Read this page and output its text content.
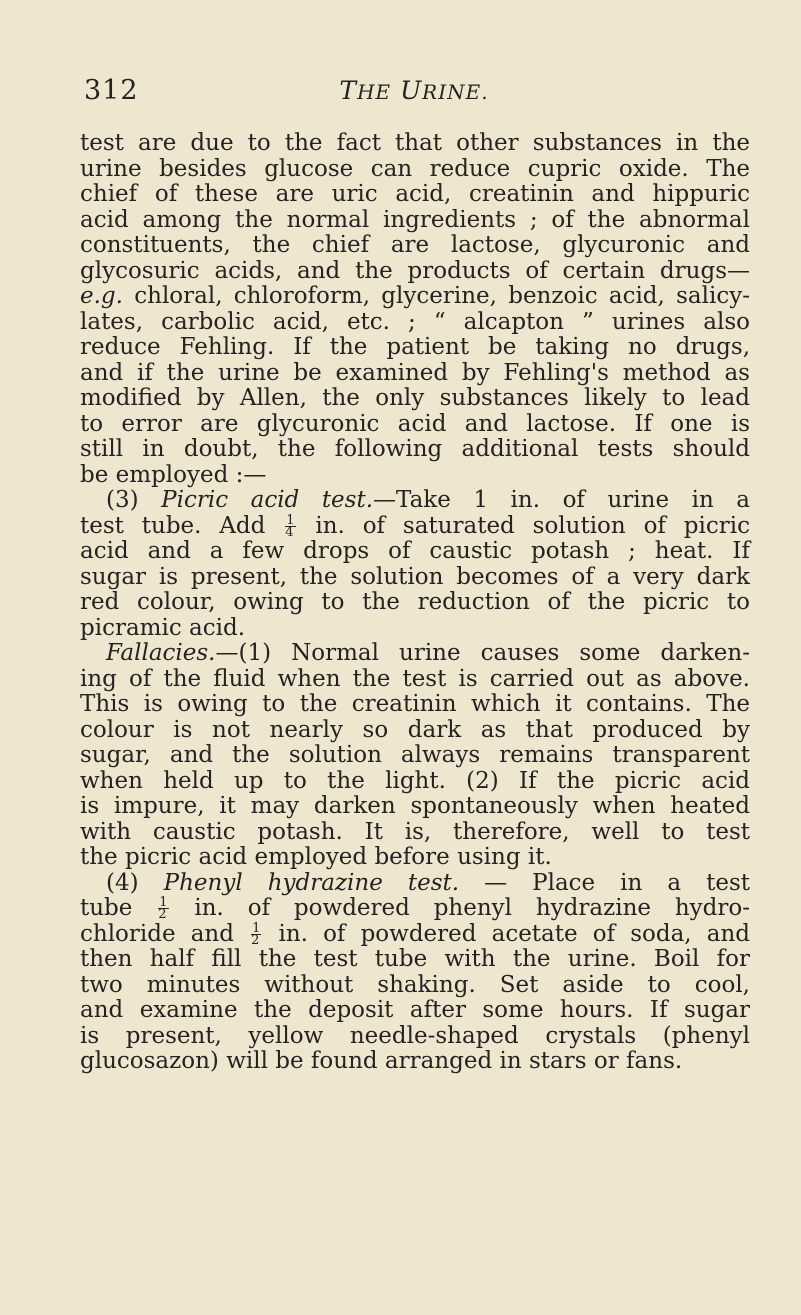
312	THE URINE.
test are due to the fact that other substances in the
urine besides glucose can reduce cupric oxide. The
chief of these are uric acid, creatinin and hippuric
acid among the normal ingredients ; of the abnormal
constituents, the chief are lactose, glycuronic and
glycosuric acids, and the products of certain drugs—
e.g. chloral, chloroform, glycerine, benzoic acid, salicy-
lates, carbolic acid, etc. ; “ alcapton ” urines also
reduce Fehling. If the patient be taking no drugs,
and if the urine be examined by Fehling's method as
modified by Allen, the only substances likely to lead
to error are glycuronic acid and lactose. If one is
still in doubt, the following additional tests should
be employed :—
(3) Picric acid test.—Take 1 in. of urine in a
test tube. Add $\frac{1}{4}$ in. of saturated solution of picric
acid and a few drops of caustic potash ; heat. If
sugar is present, the solution becomes of a very dark
red colour, owing to the reduction of the picric to
picramic acid.
Fallacies.—(1) Normal urine causes some darken-
ing of the fluid when the test is carried out as above.
This is owing to the creatinin which it contains. The
colour is not nearly so dark as that produced by
sugar, and the solution always remains transparent
when held up to the light. (2) If the picric acid
is impure, it may darken spontaneously when heated
with caustic potash. It is, therefore, well to test
the picric acid employed before using it.
(4) Phenyl hydrazine test. — Place in a test
tube $\frac{1}{2}$ in. of powdered phenyl hydrazine hydro-
chloride and $\frac{1}{2}$ in. of powdered acetate of soda, and
then half fill the test tube with the urine. Boil for
two minutes without shaking. Set aside to cool,
and examine the deposit after some hours. If sugar
is present, yellow needle-shaped crystals (phenyl
glucosazon) will be found arranged in stars or fans.
